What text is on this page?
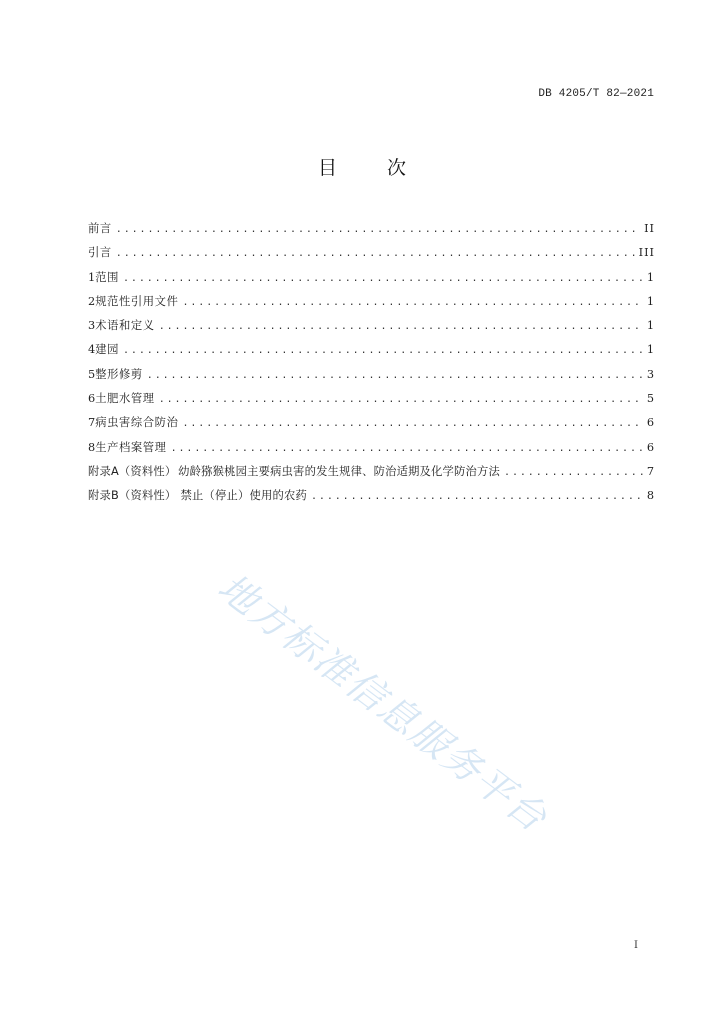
DB 4205/T 82—2021
目	次
前言 .....	II
引言 .....	III
1 范围 .....	1
2 规范性引用文件 .....	1
3 术语和定义 .....	1
4 建园 .....	1
5 整形修剪 .....	3
6 土肥水管理 .....	5
7 病虫害综合防治 .....	6
8 生产档案管理 .....	6
附录A（资料性） 幼龄猕猴桃园主要病虫害的发生规律、防治适期及化学防治方法 .....	7
附录B（资料性） 禁止（停止）使用的农药 .....	8
地方标准信息服务平台
I
